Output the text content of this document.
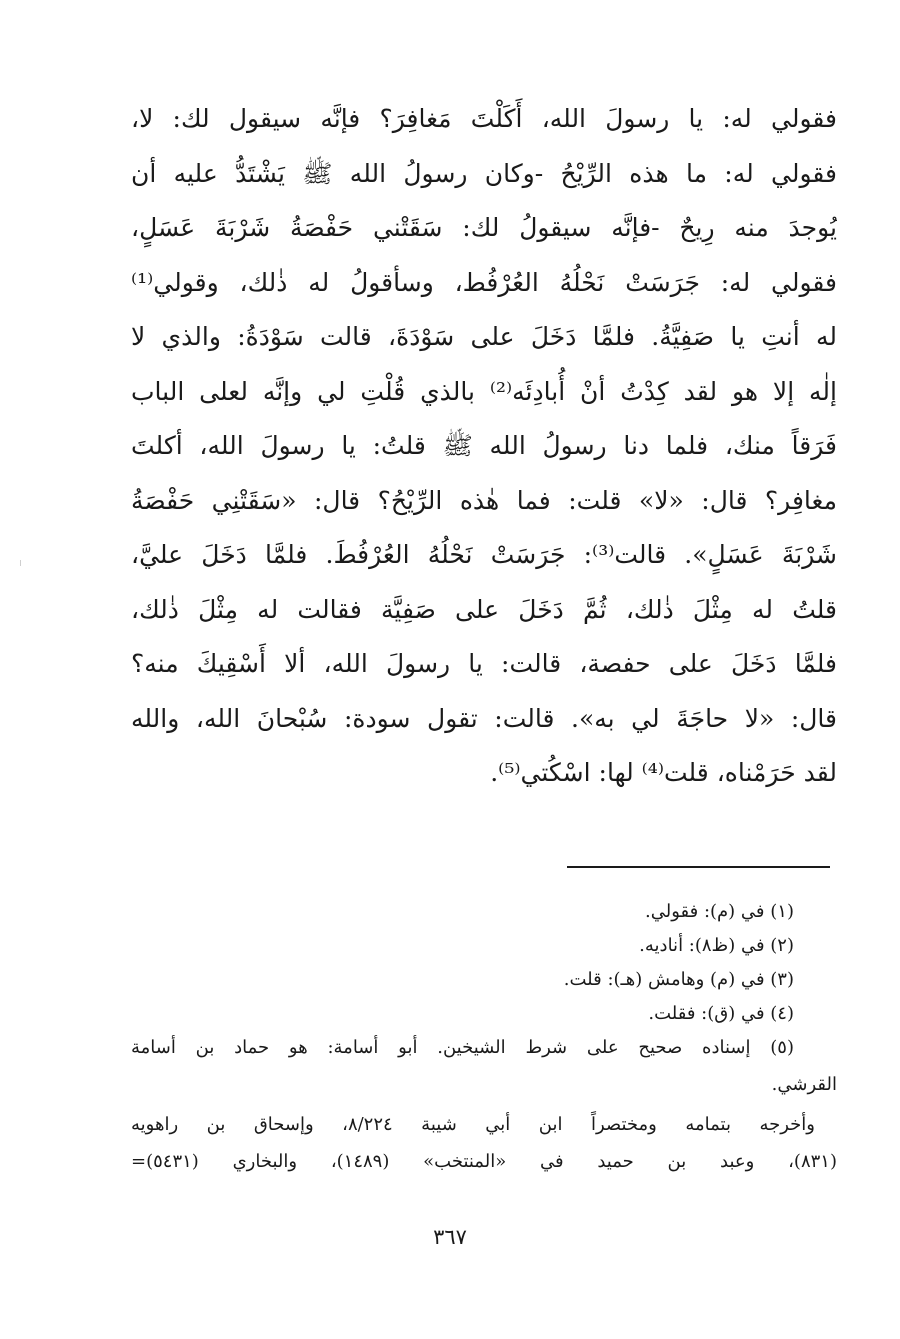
فقولي له: يا رسولَ الله، أَكَلْتَ مَغافِرَ؟ فإنَّه سيقول لك: لا،
فقولي له: ما هذه الرِّيْحُ -وكان رسولُ الله ﷺ يَشْتَدُّ عليه أن
يُوجدَ منه رِيحٌ -فإنَّه سيقولُ لك: سَقَتْني حَفْصَةُ شَرْبَةَ عَسَلٍ،
فقولي له: جَرَسَتْ نَحْلُهُ العُرْفُط، وسأقولُ له ذٰلك، وقولي⁽¹⁾
له أنتِ يا صَفِيَّةُ. فلمَّا دَخَلَ على سَوْدَةَ، قالت سَوْدَةُ: والذي لا
إلٰه إلا هو لقد كِدْتُ أنْ أُبادِئَه⁽²⁾ بالذي قُلْتِ لي وإنَّه لعلى الباب
فَرَقاً منك، فلما دنا رسولُ الله ﷺ قلتُ: يا رسولَ الله، أكلتَ
مغافِر؟ قال: «لا» قلت: فما هٰذه الرِّيْحُ؟ قال: «سَقَتْنِي حَفْصَةُ
شَرْبَةَ عَسَلٍ». قالت⁽³⁾: جَرَسَتْ نَحْلُهُ العُرْفُطَ. فلمَّا دَخَلَ عليَّ،
قلتُ له مِثْلَ ذٰلك، ثُمَّ دَخَلَ على صَفِيَّة فقالت له مِثْلَ ذٰلك،
فلمَّا دَخَلَ على حفصة، قالت: يا رسولَ الله، ألا أَسْقِيكَ منه؟
قال: «لا حاجَةَ لي به». قالت: تقول سودة: سُبْحانَ الله، والله
لقد حَرَمْناه، قلت⁽⁴⁾ لها: اسْكُتي⁽⁵⁾.
(١) في (م): فقولي.
(٢) في (ظ٨): أناديه.
(٣) في (م) وهامش (هـ): قلت.
(٤) في (ق): فقلت.
(٥) إسناده صحيح على شرط الشيخين. أبو أسامة: هو حماد بن أسامة
القرشي.
وأخرجه بتمامه ومختصراً ابن أبي شيبة ٨/٢٢٤، وإسحاق بن راهويه
(٨٣١)، وعبد بن حميد في «المنتخب» (١٤٨٩)، والبخاري (٥٤٣١)=
٣٦٧
